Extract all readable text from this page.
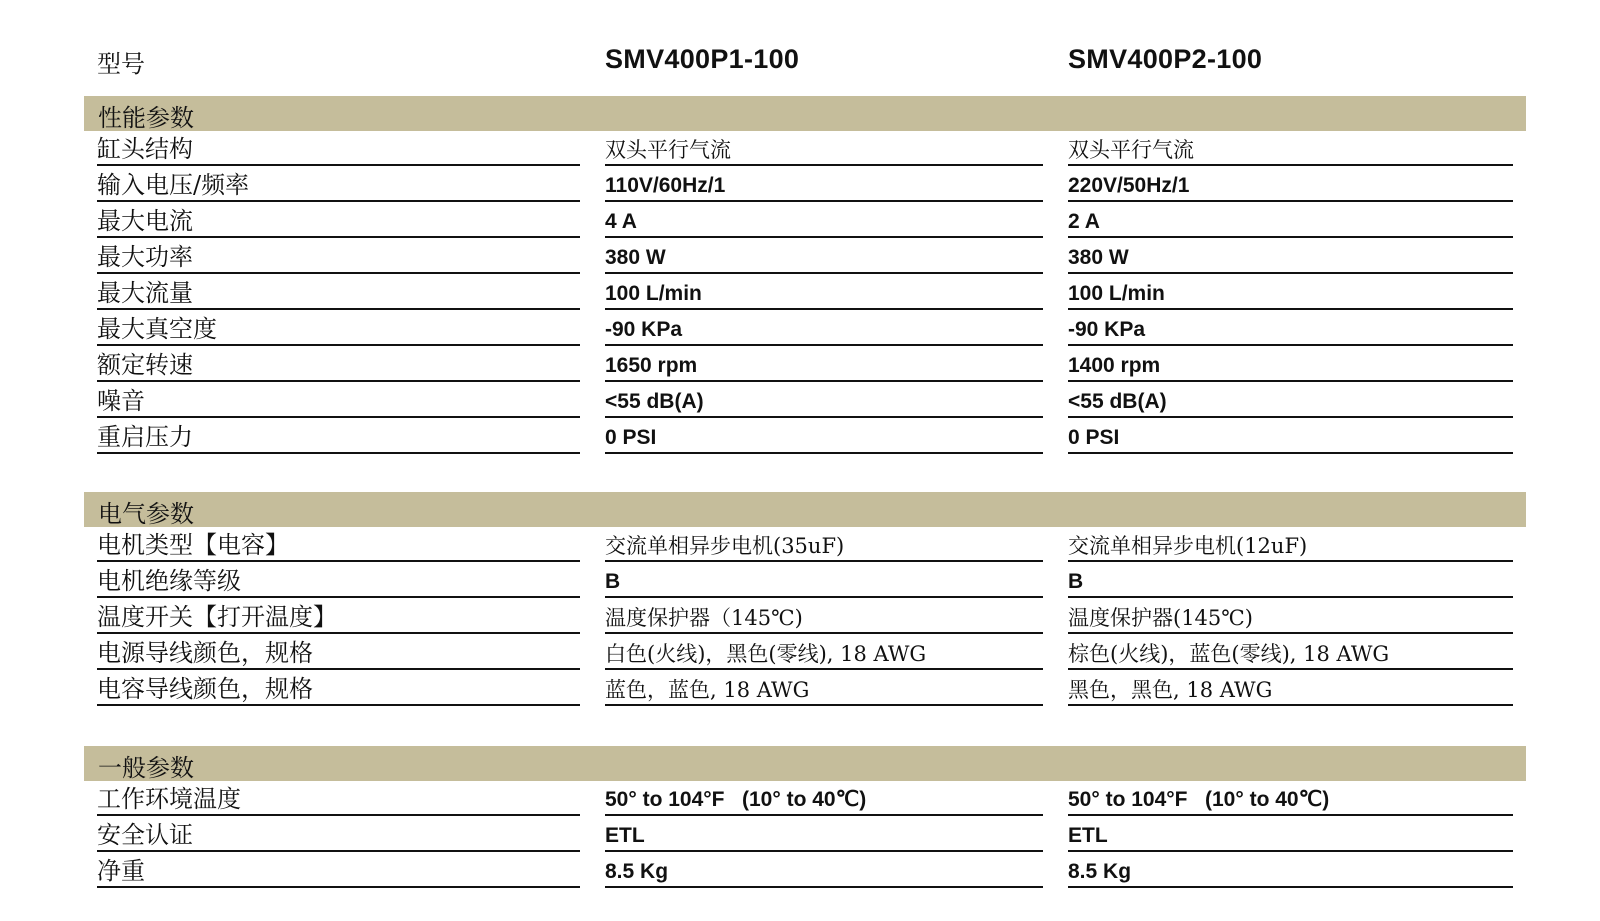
型号	SMV400P1-100	SMV400P2-100
性能参数
缸头结构	双头平行气流	双头平行气流
输入电压/频率	110V/60Hz/1	220V/50Hz/1
最大电流	4 A	2 A
最大功率	380 W	380 W
最大流量	100 L/min	100 L/min
最大真空度	-90 KPa	-90 KPa
额定转速	1650 rpm	1400 rpm
噪音	<55 dB(A)	<55 dB(A)
重启压力	0 PSI	0 PSI
电气参数
电机类型【电容】	交流单相异步电机(35uF)	交流单相异步电机(12uF)
电机绝缘等级	B	B
温度开关【打开温度】	温度保护器（145℃)	温度保护器(145℃)
电源导线颜色，规格	白色(火线)，黑色(零线), 18 AWG	棕色(火线)，蓝色(零线), 18 AWG
电容导线颜色，规格	蓝色，蓝色, 18 AWG	黑色，黑色, 18 AWG
一般参数
工作环境温度	50° to 104°F   (10° to 40℃)	50° to 104°F   (10° to 40℃)
安全认证	ETL	ETL
净重	8.5 Kg	8.5 Kg
